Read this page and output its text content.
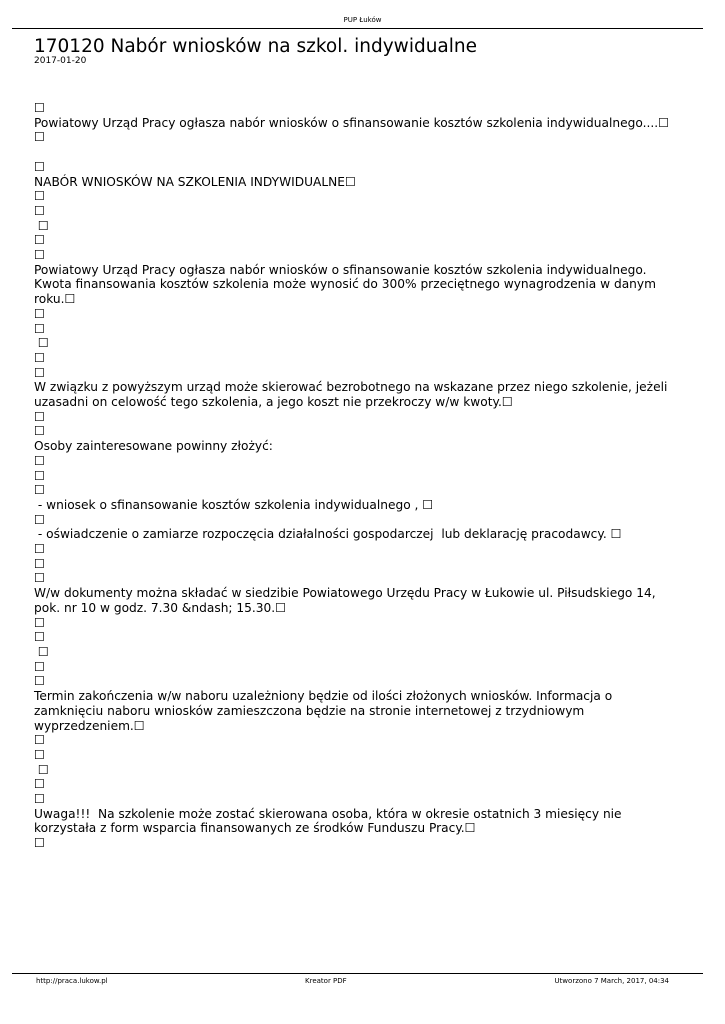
PUP Łuków
170120 Nabór wniosków na szkol. indywidualne
2017-01-20
☐
Powiatowy Urząd Pracy ogłasza nabór wniosków o sfinansowanie kosztów szkolenia indywidualnego....☐
☐
☐
NABÓR WNIOSKÓW NA SZKOLENIA INDYWIDUALNE☐
☐
☐
☐
☐
☐
Powiatowy Urząd Pracy ogłasza nabór wniosków o sfinansowanie kosztów szkolenia indywidualnego.
Kwota finansowania kosztów szkolenia może wynosić do 300% przeciętnego wynagrodzenia w danym
roku.☐
☐
☐
☐
☐
☐
W związku z powyższym urząd może skierować bezrobotnego na wskazane przez niego szkolenie, jeżeli
uzasadni on celowość tego szkolenia, a jego koszt nie przekroczy w/w kwoty.☐
☐
☐
Osoby zainteresowane powinny złożyć:
☐
☐
☐
- wniosek o sfinansowanie kosztów szkolenia indywidualnego , ☐
☐
- oświadczenie o zamiarze rozpoczęcia działalności gospodarczej  lub deklarację pracodawcy. ☐
☐
☐
☐
W/w dokumenty można składać w siedzibie Powiatowego Urzędu Pracy w Łukowie ul. Piłsudskiego 14,
pok. nr 10 w godz. 7.30 &ndash; 15.30.☐
☐
☐
☐
☐
☐
Termin zakończenia w/w naboru uzależniony będzie od ilości złożonych wniosków. Informacja o
zamknięciu naboru wniosków zamieszczona będzie na stronie internetowej z trzydniowym
wyprzedzeniem.☐
☐
☐
☐
☐
☐
Uwaga!!!  Na szkolenie może zostać skierowana osoba, która w okresie ostatnich 3 miesięcy nie
korzystała z form wsparcia finansowanych ze środków Funduszu Pracy.☐
☐
http://praca.lukow.pl	Kreator PDF	Utworzono 7 March, 2017, 04:34
